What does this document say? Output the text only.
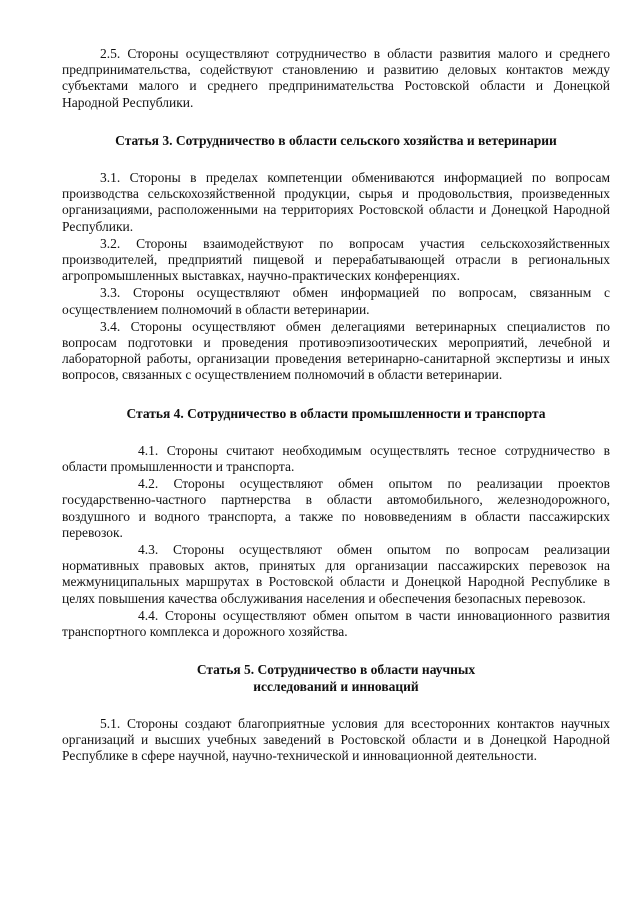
2.5. Стороны осуществляют сотрудничество в области развития малого и среднего предпринимательства, содействуют становлению и развитию деловых контактов между субъектами малого и среднего предпринимательства Ростовской области и Донецкой Народной Республики.

Статья 3. Сотрудничество в области сельского хозяйства и ветеринарии

3.1. Стороны в пределах компетенции обмениваются информацией по вопросам производства сельскохозяйственной продукции, сырья и продовольствия, произведенных организациями, расположенными на территориях Ростовской области и Донецкой Народной Республики.

3.2. Стороны взаимодействуют по вопросам участия сельскохозяйственных производителей, предприятий пищевой и перерабатывающей отрасли в региональных агропромышленных выставках, научно-практических конференциях.

3.3. Стороны осуществляют обмен информацией по вопросам, связанным с осуществлением полномочий в области ветеринарии.

3.4. Стороны осуществляют обмен делегациями ветеринарных специалистов по вопросам подготовки и проведения противоэпизоотических мероприятий, лечебной и лабораторной работы, организации проведения ветеринарно-санитарной экспертизы и иных вопросов, связанных с осуществлением полномочий в области ветеринарии.

Статья 4. Сотрудничество в области промышленности и транспорта

4.1. Стороны считают необходимым осуществлять тесное сотрудничество в области промышленности и транспорта.

4.2. Стороны осуществляют обмен опытом по реализации проектов государственно-частного партнерства в области автомобильного, железнодорожного, воздушного и водного транспорта, а также по нововведениям в области пассажирских перевозок.

4.3. Стороны осуществляют обмен опытом по вопросам реализации нормативных правовых актов, принятых для организации пассажирских перевозок на межмуниципальных маршрутах в Ростовской области и Донецкой Народной Республике в целях повышения качества обслуживания населения и обеспечения безопасных перевозок.

4.4. Стороны осуществляют обмен опытом в части инновационного развития транспортного комплекса и дорожного хозяйства.

Статья 5. Сотрудничество в области научных
исследований и инноваций

5.1. Стороны создают благоприятные условия для всесторонних контактов научных организаций и высших учебных заведений в Ростовской области и в Донецкой Народной Республике в сфере научной, научно-технической и инновационной деятельности.
